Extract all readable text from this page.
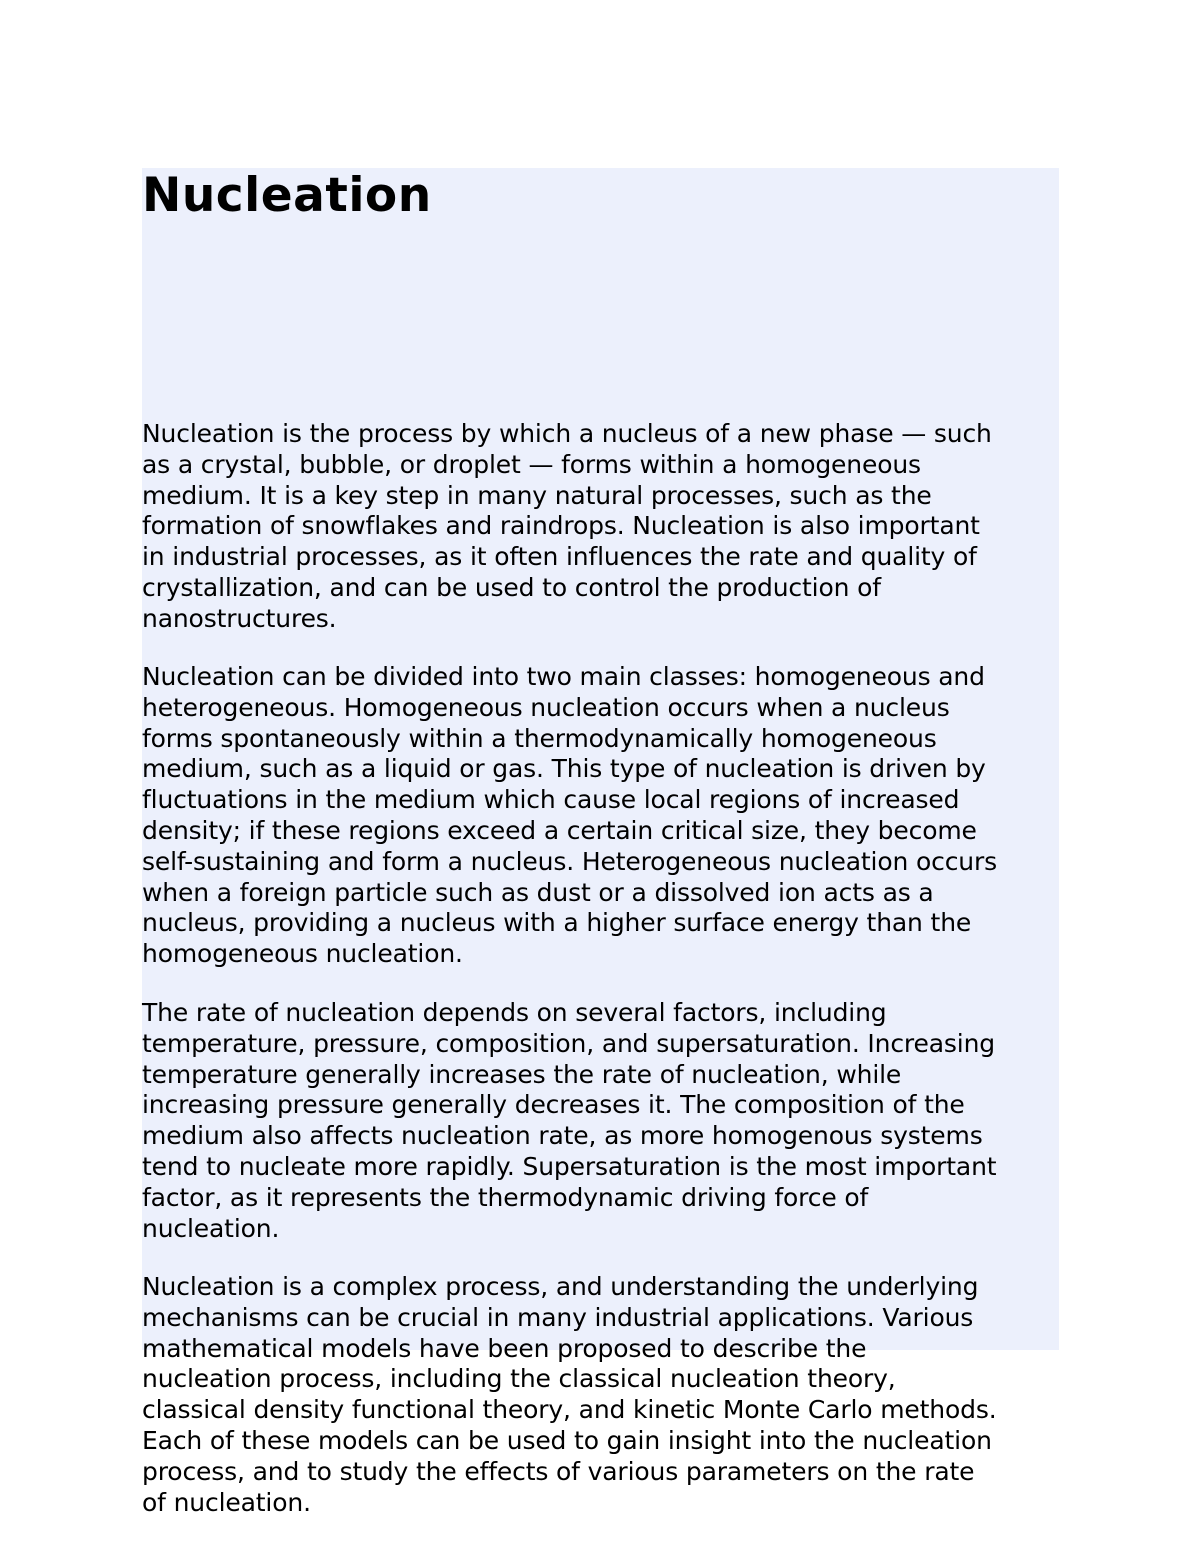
Nucleation

Nucleation is the process by which a nucleus of a new phase — such
as a crystal, bubble, or droplet — forms within a homogeneous
medium. It is a key step in many natural processes, such as the
formation of snowflakes and raindrops. Nucleation is also important
in industrial processes, as it often influences the rate and quality of
crystallization, and can be used to control the production of
nanostructures.

Nucleation can be divided into two main classes: homogeneous and
heterogeneous. Homogeneous nucleation occurs when a nucleus
forms spontaneously within a thermodynamically homogeneous
medium, such as a liquid or gas. This type of nucleation is driven by
fluctuations in the medium which cause local regions of increased
density; if these regions exceed a certain critical size, they become
self-sustaining and form a nucleus. Heterogeneous nucleation occurs
when a foreign particle such as dust or a dissolved ion acts as a
nucleus, providing a nucleus with a higher surface energy than the
homogeneous nucleation.

The rate of nucleation depends on several factors, including
temperature, pressure, composition, and supersaturation. Increasing
temperature generally increases the rate of nucleation, while
increasing pressure generally decreases it. The composition of the
medium also affects nucleation rate, as more homogenous systems
tend to nucleate more rapidly. Supersaturation is the most important
factor, as it represents the thermodynamic driving force of
nucleation.

Nucleation is a complex process, and understanding the underlying
mechanisms can be crucial in many industrial applications. Various
mathematical models have been proposed to describe the
nucleation process, including the classical nucleation theory,
classical density functional theory, and kinetic Monte Carlo methods.
Each of these models can be used to gain insight into the nucleation
process, and to study the effects of various parameters on the rate
of nucleation.
